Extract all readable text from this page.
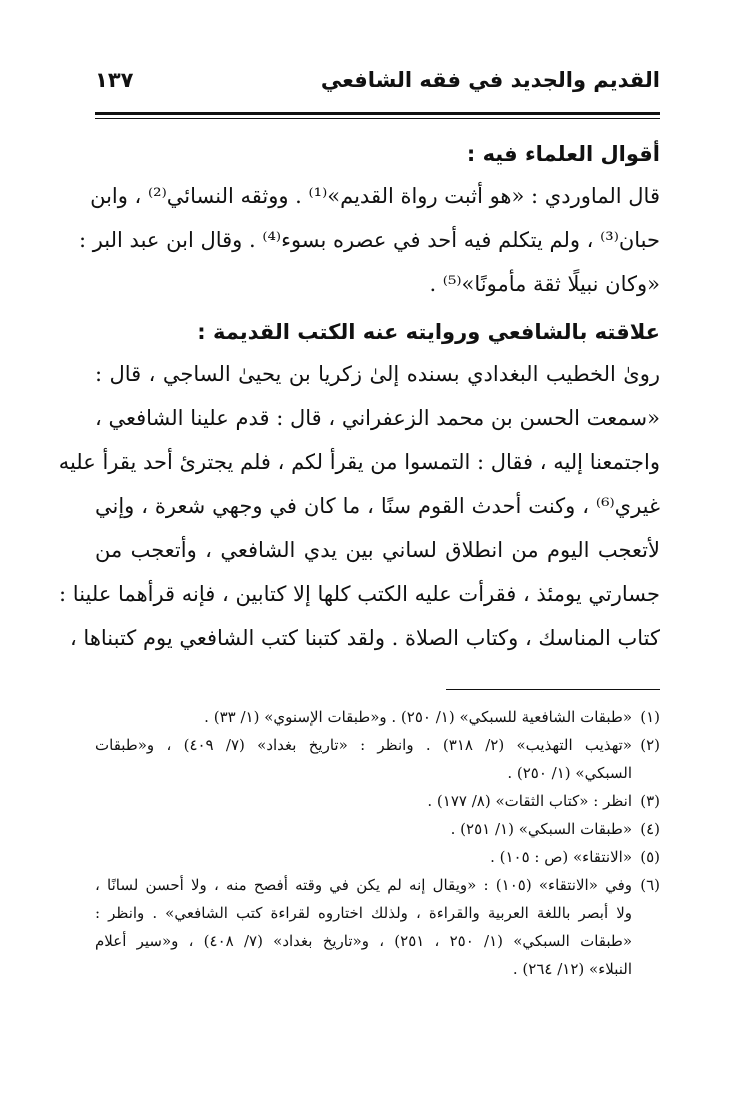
القديم والجديد في فقه الشافعي
١٣٧
أقوال العلماء فيه :
قال الماوردي : «هو أثبت رواة القديم»⁽¹⁾ . ووثقه النسائي⁽²⁾ ، وابن
حبان⁽³⁾ ، ولم يتكلم فيه أحد في عصره بسوء⁽⁴⁾ . وقال ابن عبد البر :
«وكان نبيلًا ثقة مأمونًا»⁽⁵⁾ .
علاقته بالشافعي وروايته عنه الكتب القديمة :
روىٰ الخطيب البغدادي بسنده إلىٰ زكريا بن يحيىٰ الساجي ، قال :
«سمعت الحسن بن محمد الزعفراني ، قال : قدم علينا الشافعي ،
واجتمعنا إليه ، فقال : التمسوا من يقرأ لكم ، فلم يجترئ أحد يقرأ عليه
غيري⁽⁶⁾ ، وكنت أحدث القوم سنًا ، ما كان في وجهي شعرة ، وإني
لأتعجب اليوم من انطلاق لساني بين يدي الشافعي ، وأتعجب من
جسارتي يومئذ ، فقرأت عليه الكتب كلها إلا كتابين ، فإنه قرأهما علينا :
كتاب المناسك ، وكتاب الصلاة . ولقد كتبنا كتب الشافعي يوم كتبناها ،
(١)
«طبقات الشافعية للسبكي» (١/ ٢٥٠) . و«طبقات الإسنوي» (١/ ٣٣) .
(٢)
«تهذيب التهذيب» (٢/ ٣١٨) . وانظر : «تاريخ بغداد» (٧/ ٤٠٩) ، و«طبقات
السبكي» (١/ ٢٥٠) .
(٣)
انظر : «كتاب الثقات» (٨/ ١٧٧) .
(٤)
«طبقات السبكي» (١/ ٢٥١) .
(٥)
«الانتقاء» (ص : ١٠٥) .
(٦)
وفي «الانتقاء» (١٠٥) : «ويقال إنه لم يكن في وقته أفصح منه ، ولا أحسن لسانًا ،
ولا أبصر باللغة العربية والقراءة ، ولذلك اختاروه لقراءة كتب الشافعي» . وانظر :
«طبقات السبكي» (١/ ٢٥٠ ، ٢٥١) ، و«تاريخ بغداد» (٧/ ٤٠٨) ، و«سير أعلام
النبلاء» (١٢/ ٢٦٤) .
